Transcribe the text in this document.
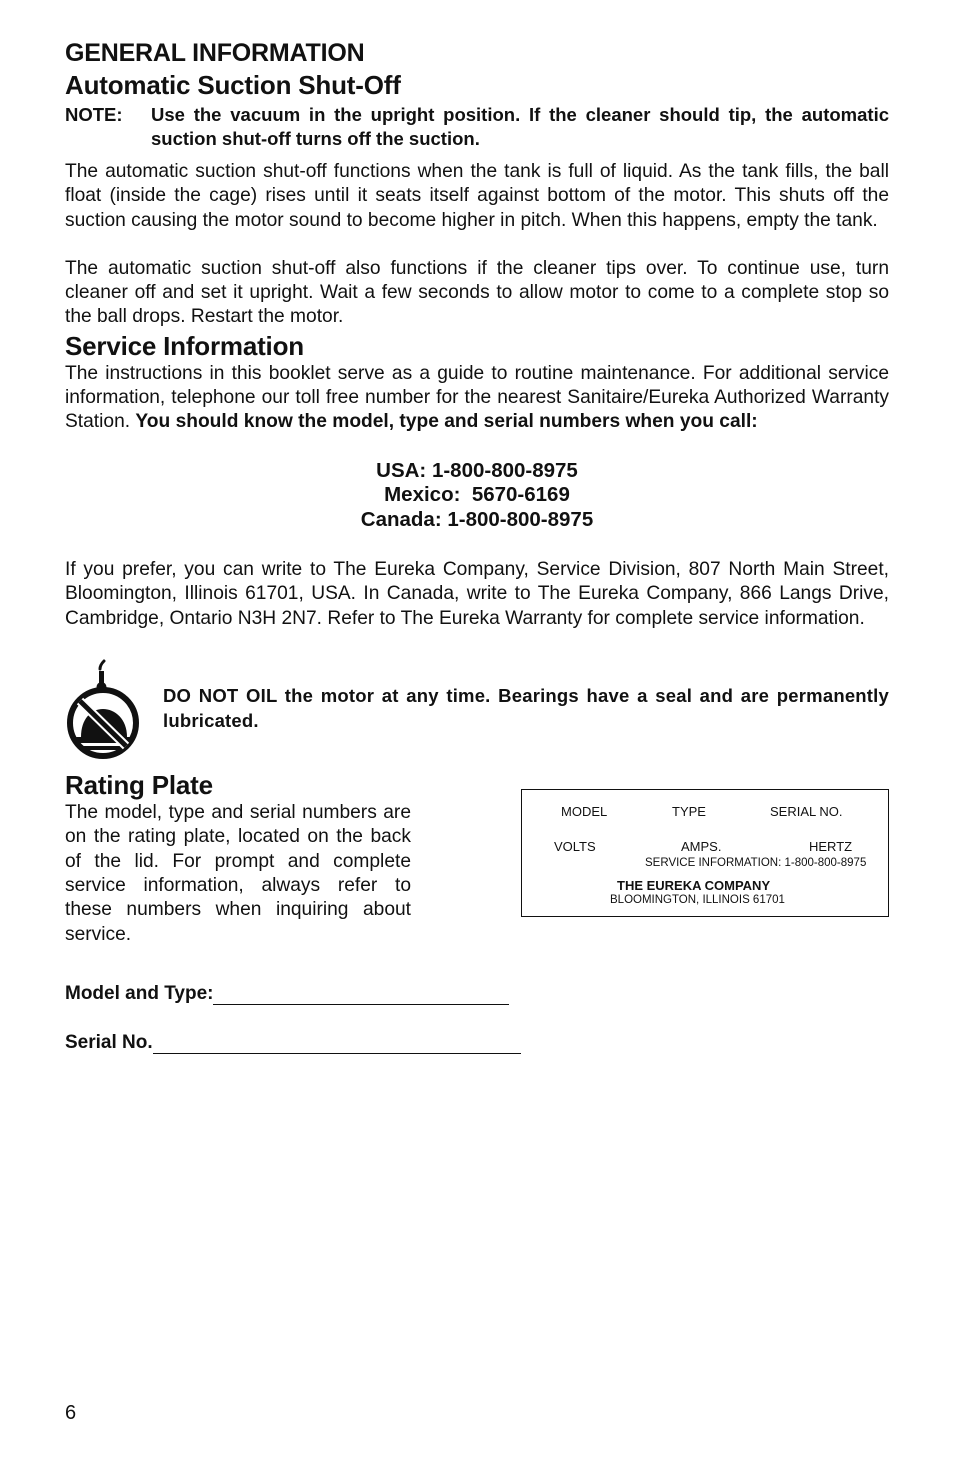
GENERAL INFORMATION
Automatic Suction Shut-Off
NOTE:	Use the vacuum in the upright position. If the cleaner should tip, the automatic suction shut-off turns off the suction.

The automatic suction shut-off functions when the tank is full of liquid. As the tank fills, the ball float (inside the cage) rises until it seats itself against bottom of the motor. This shuts off the suction causing the motor sound to become higher in pitch. When this happens, empty the tank.

The automatic suction shut-off also functions if the cleaner tips over. To continue use, turn cleaner off and set it upright. Wait a few seconds to allow motor to come to a complete stop so the ball drops. Restart the motor.

Service Information

The instructions in this booklet serve as a guide to routine maintenance. For additional service information, telephone our toll free number for the nearest Sanitaire/Eureka Authorized Warranty Station. You should know the model, type and serial numbers when you call:

USA: 1-800-800-8975
Mexico:  5670-6169
Canada: 1-800-800-8975

If you prefer, you can write to The Eureka Company, Service Division, 807 North Main Street, Bloomington, Illinois 61701, USA. In Canada, write to The Eureka Company, 866 Langs Drive, Cambridge, Ontario N3H 2N7. Refer to The Eureka Warranty for complete service information.

DO NOT OIL the motor at any time. Bearings have a seal and are permanently lubricated.
Rating Plate

The model, type and serial numbers are on the rating plate, located on the back of the lid. For prompt and complete service information, always refer to these numbers when inquiring about service.

MODEL	TYPE	SERIAL NO.
VOLTS	AMPS.	HERTZ
SERVICE INFORMATION: 1-800-800-8975
THE EUREKA COMPANY
BLOOMINGTON, ILLINOIS 61701
Model and Type:
Serial No.
6
